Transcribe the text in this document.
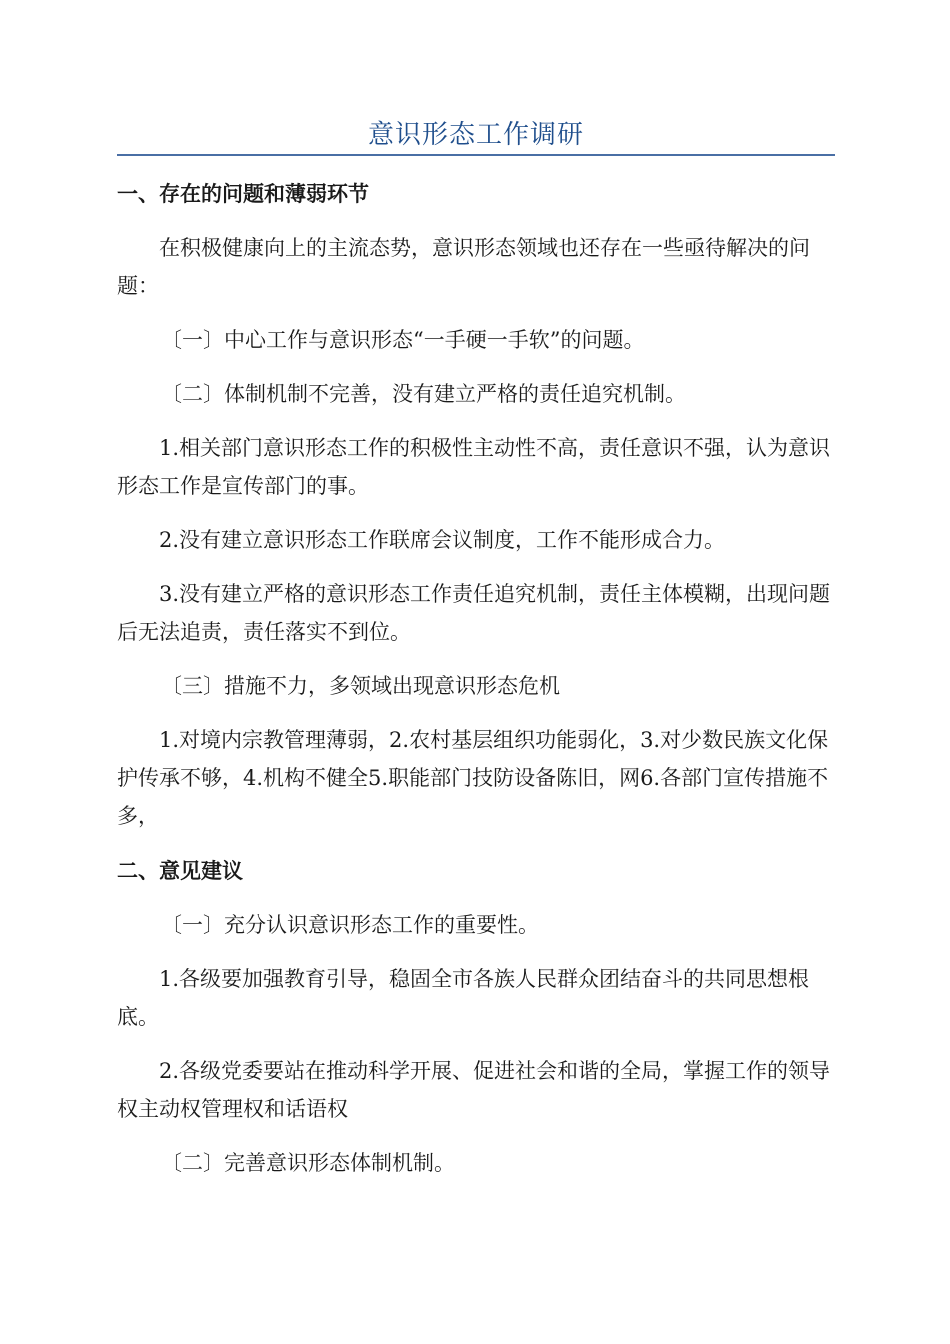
意识形态工作调研

一、存在的问题和薄弱环节

在积极健康向上的主流态势，意识形态领域也还存在一些亟待解决的问题：

〔一〕中心工作与意识形态“一手硬一手软”的问题。

〔二〕体制机制不完善，没有建立严格的责任追究机制。

1.相关部门意识形态工作的积极性主动性不高，责任意识不强，认为意识形态工作是宣传部门的事。

2.没有建立意识形态工作联席会议制度，工作不能形成合力。

3.没有建立严格的意识形态工作责任追究机制，责任主体模糊，出现问题后无法追责，责任落实不到位。

〔三〕措施不力，多领域出现意识形态危机

1.对境内宗教管理薄弱，2.农村基层组织功能弱化，3.对少数民族文化保护传承不够，4.机构不健全5.职能部门技防设备陈旧，网6.各部门宣传措施不多，

二、意见建议

〔一〕充分认识意识形态工作的重要性。

1.各级要加强教育引导，稳固全市各族人民群众团结奋斗的共同思想根底。

2.各级党委要站在推动科学开展、促进社会和谐的全局，掌握工作的领导权主动权管理权和话语权

〔二〕完善意识形态体制机制。
